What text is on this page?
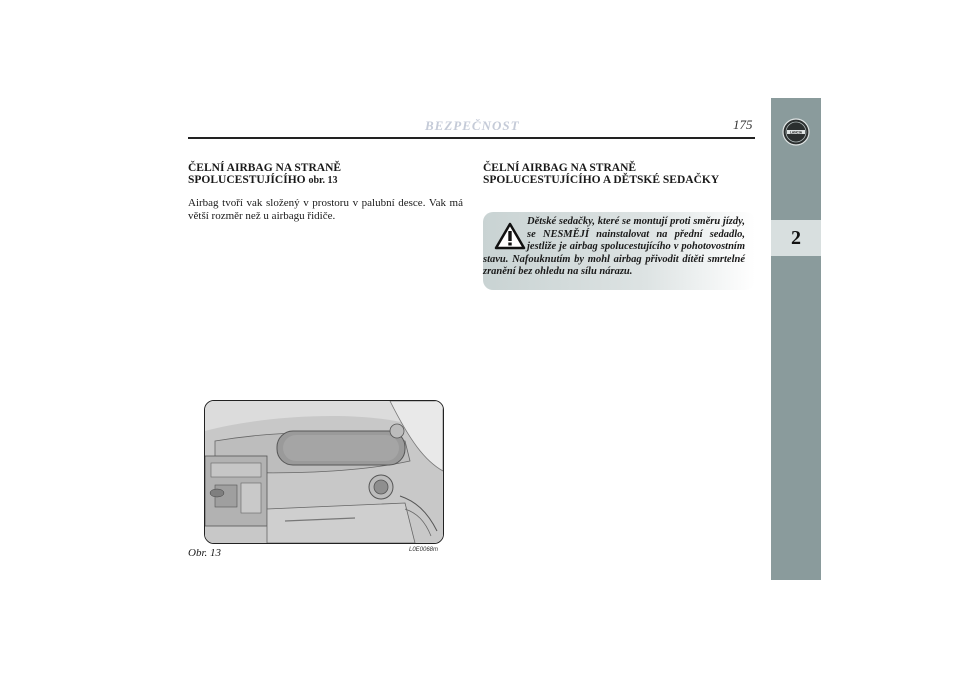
BEZPEČNOST	175
LANCIA
2
ČELNÍ AIRBAG NA STRANĚ
SPOLUCESTUJÍCÍHO obr. 13
Airbag tvoří vak složený v prostoru v palubní desce. Vak má větší rozměr než u airbagu řidiče.
ČELNÍ AIRBAG NA STRANĚ
SPOLUCESTUJÍCÍHO A DĚTSKÉ SEDAČKY
Dětské sedačky, které se montují proti směru jízdy, se NESMĚJÍ nainstalovat na přední sedadlo, jestliže je airbag spolucestujícího v pohotovostním stavu. Nafouknutím by mohl airbag přivodit dítěti smrtelné zranění bez ohledu na sílu nárazu.
Obr. 13	L0E0068m
